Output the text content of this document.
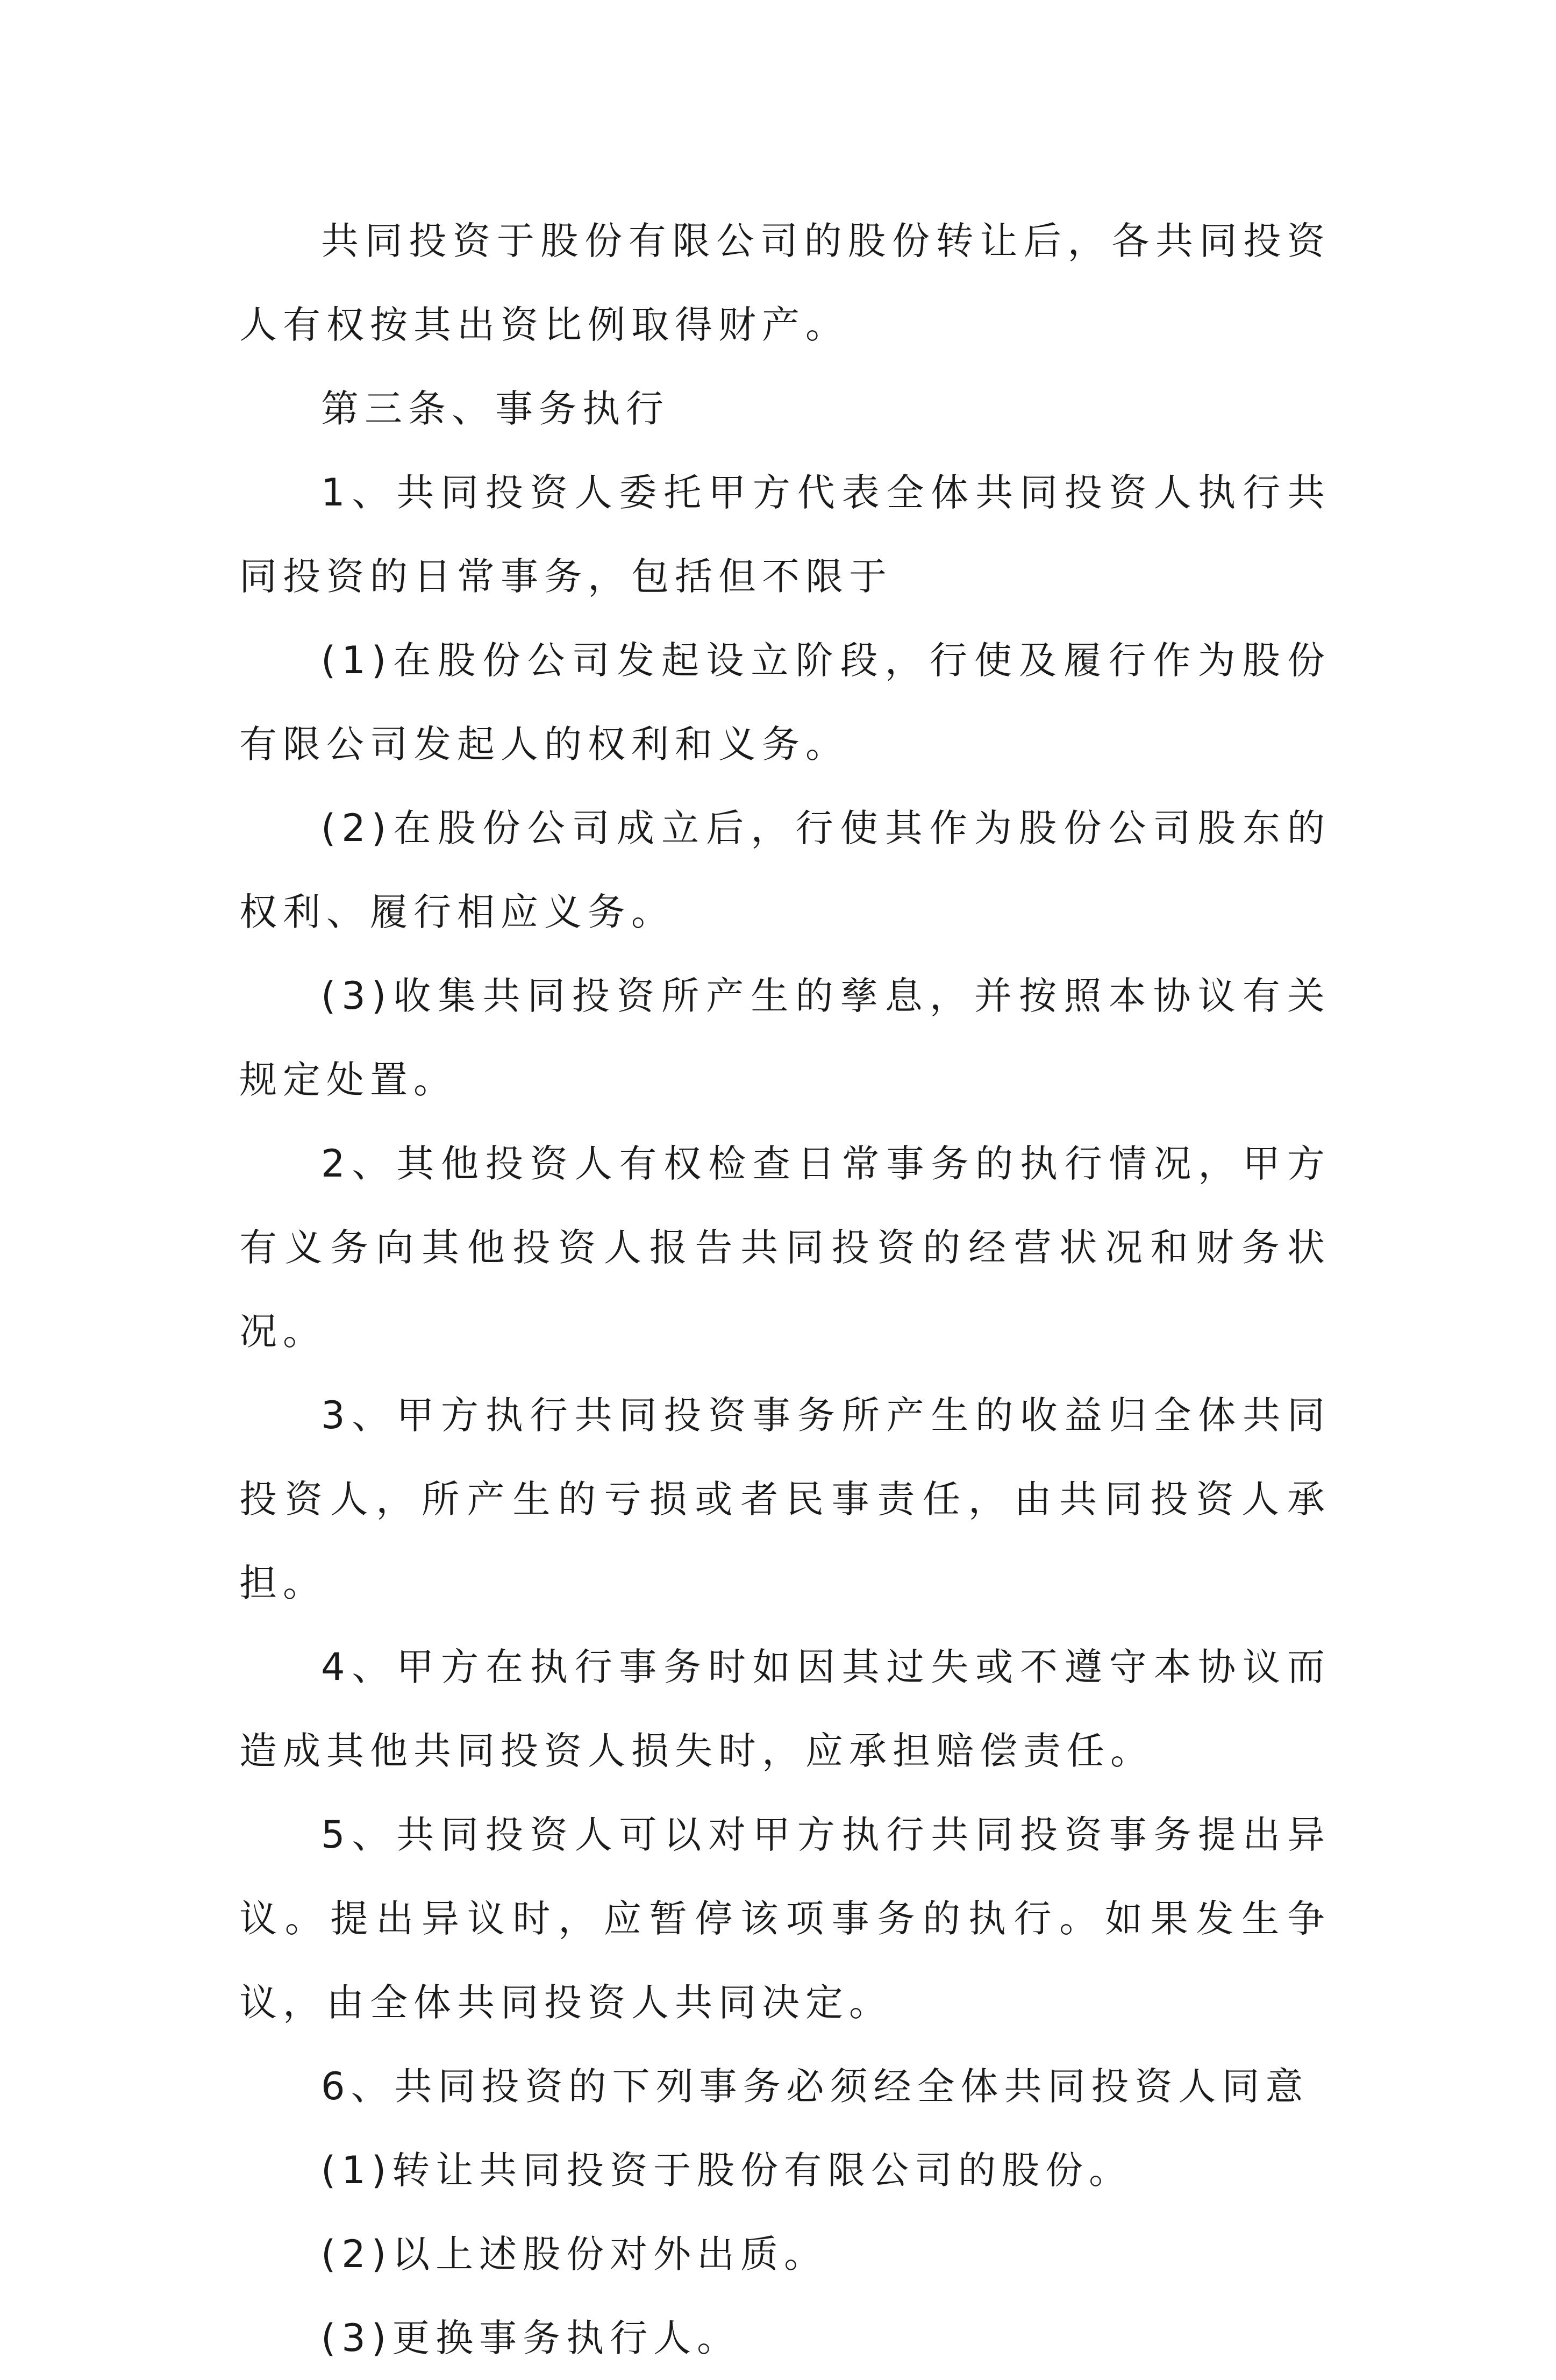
共同投资于股份有限公司的股份转让后，各共同投资人有权按其出资比例取得财产。

第三条、事务执行

1、共同投资人委托甲方代表全体共同投资人执行共同投资的日常事务，包括但不限于

(1)在股份公司发起设立阶段，行使及履行作为股份有限公司发起人的权利和义务。

(2)在股份公司成立后，行使其作为股份公司股东的权利、履行相应义务。

(3)收集共同投资所产生的孳息，并按照本协议有关规定处置。

2、其他投资人有权检查日常事务的执行情况，甲方有义务向其他投资人报告共同投资的经营状况和财务状况。

3、甲方执行共同投资事务所产生的收益归全体共同投资人，所产生的亏损或者民事责任，由共同投资人承担。

4、甲方在执行事务时如因其过失或不遵守本协议而造成其他共同投资人损失时，应承担赔偿责任。

5、共同投资人可以对甲方执行共同投资事务提出异议。提出异议时，应暂停该项事务的执行。如果发生争议，由全体共同投资人共同决定。

6、共同投资的下列事务必须经全体共同投资人同意

(1)转让共同投资于股份有限公司的股份。

(2)以上述股份对外出质。

(3)更换事务执行人。
